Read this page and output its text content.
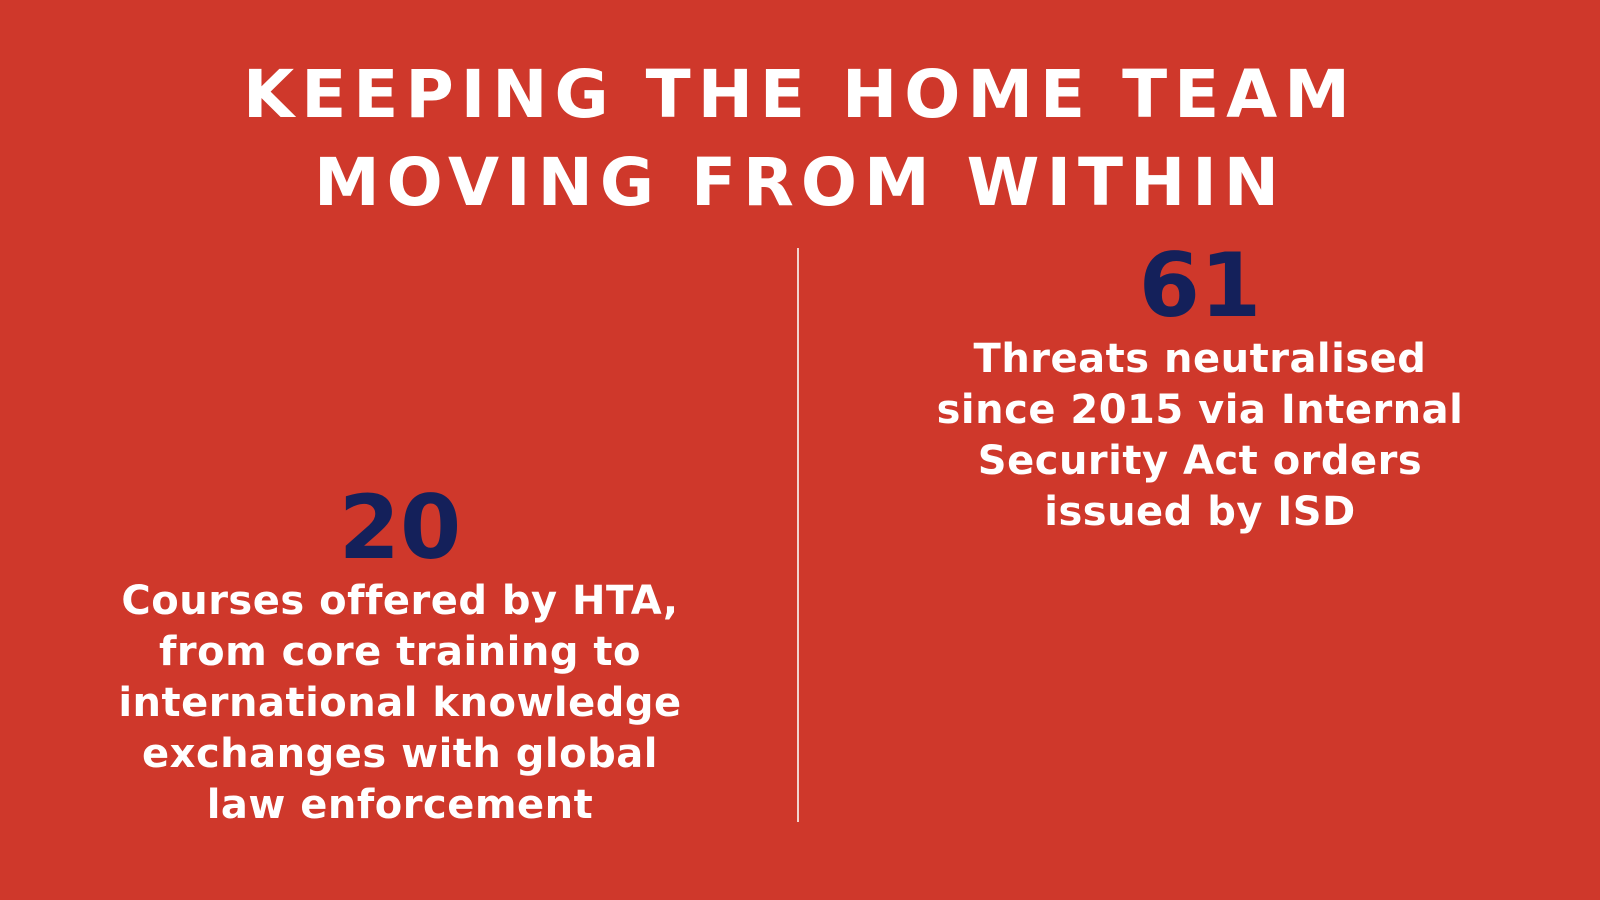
KEEPING THE HOME TEAM
MOVING FROM WITHIN
20
Courses offered by HTA,
from core training to
international knowledge
exchanges with global
law enforcement
61
Threats neutralised
since 2015 via Internal
Security Act orders
issued by ISD
